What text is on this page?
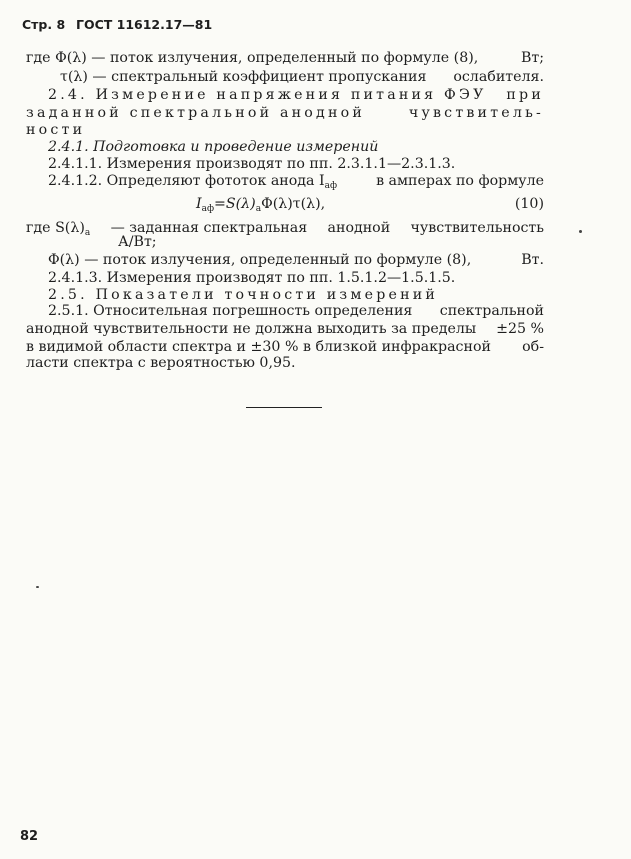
Стр. 8 ГОСТ 11612.17—81
где Φ(λ) — поток излучения, определенный по формуле (8),	Вт;
τ(λ) — спектральный коэффициент пропускания ослабителя.
2.4. Измерение напряжения питания ФЭУ при
заданной спектральной анодной	чувствитель-
ности
2.4.1. Подготовка и проведение измерений
2.4.1.1. Измерения производят по пп. 2.3.1.1—2.3.1.3.
2.4.1.2. Определяют фототок анода $I_{аф}$	в амперах по формуле
$I_{аф}=S(\lambda)_а\Phi(\lambda)\tau(\lambda)$,	(10)
где $S(\lambda)_а$ — заданная спектральная анодной чувствительность
А/Вт;
Φ(λ) — поток излучения, определенный по формуле (8),	Вт.
2.4.1.3. Измерения производят по пп. 1.5.1.2—1.5.1.5.
2.5. Показатели точности измерений
2.5.1. Относительная погрешность определения спектральной
анодной чувствительности не должна выходить за пределы ±25 %
в видимой области спектра и ±30 % в близкой инфракрасной об-
ласти спектра с вероятностью 0,95.
82
